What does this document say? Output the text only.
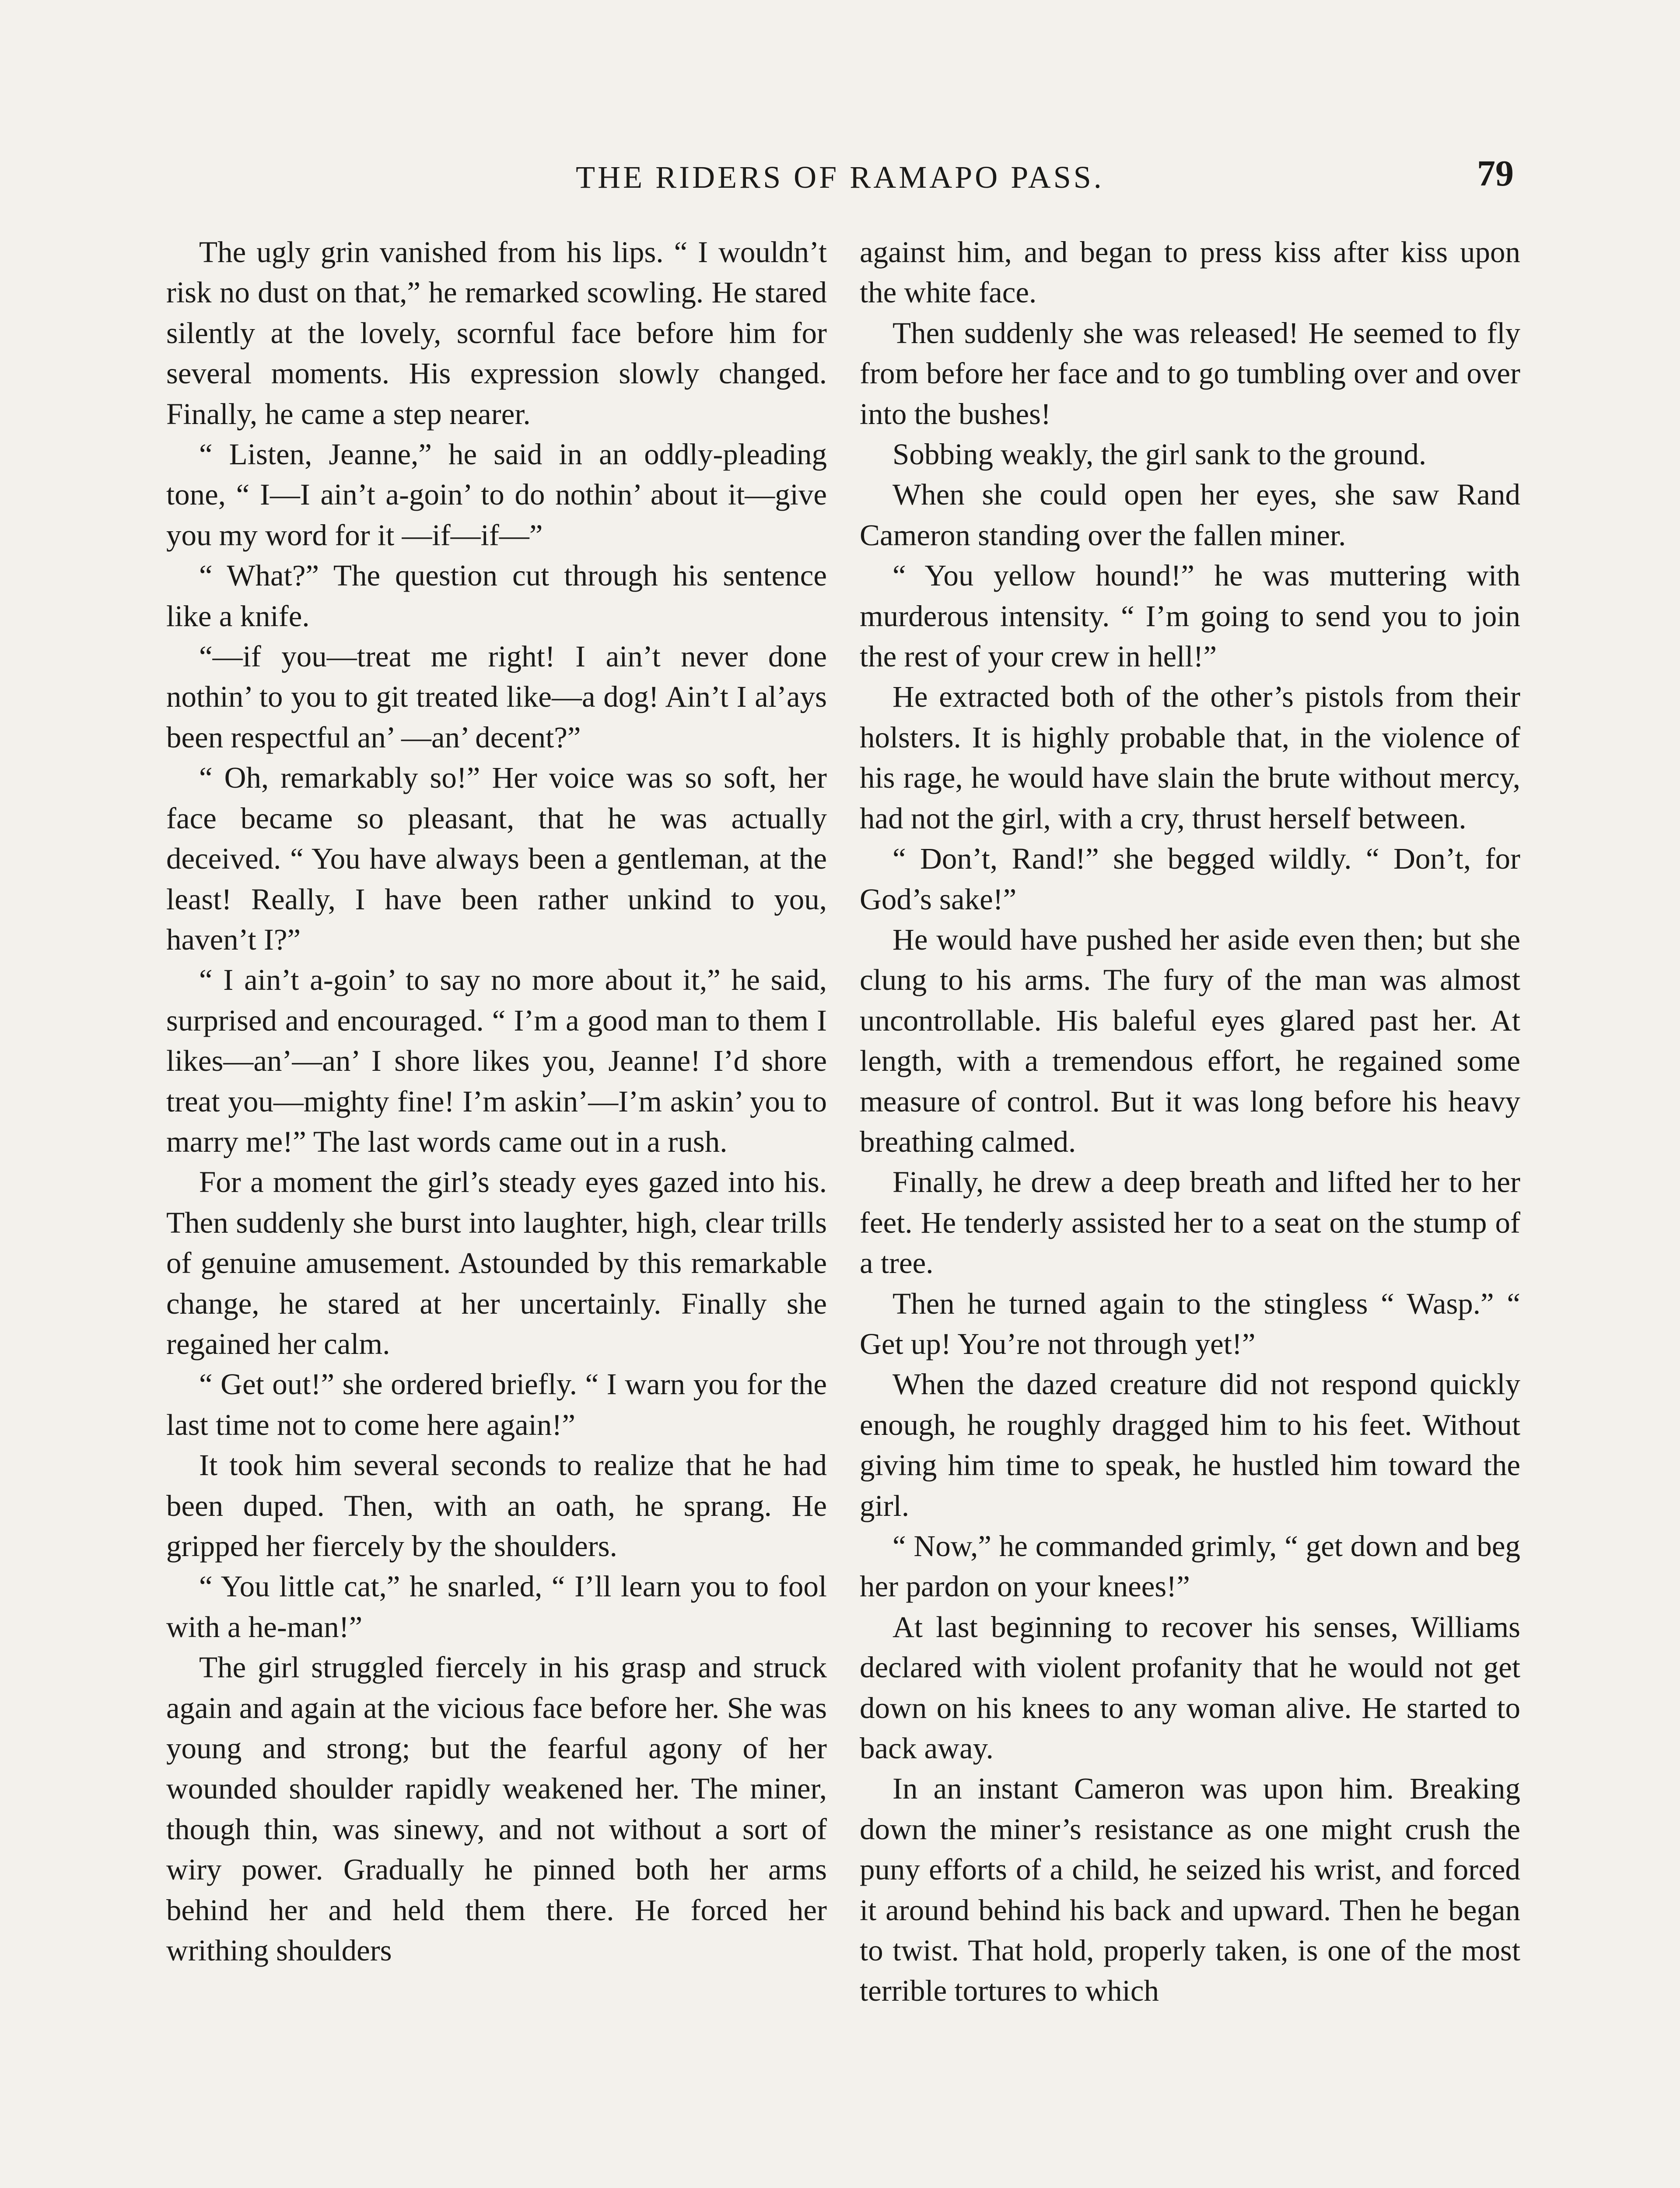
THE RIDERS OF RAMAPO PASS.	79

The ugly grin vanished from his lips. “ I wouldn’t risk no dust on that,” he remarked scowling. He stared silently at the lovely, scornful face before him for several moments. His expression slowly changed. Finally, he came a step nearer.

“ Listen, Jeanne,” he said in an oddly-pleading tone, “ I—I ain’t a-goin’ to do nothin’ about it—give you my word for it —if—if—”

“ What?” The question cut through his sentence like a knife.

“—if you—treat me right! I ain’t never done nothin’ to you to git treated like—a dog! Ain’t I al’ays been respectful an’ —an’ decent?”

“ Oh, remarkably so!” Her voice was so soft, her face became so pleasant, that he was actually deceived. “ You have always been a gentleman, at the least! Really, I have been rather unkind to you, haven’t I?”

“ I ain’t a-goin’ to say no more about it,” he said, surprised and encouraged. “ I’m a good man to them I likes—an’—an’ I shore likes you, Jeanne! I’d shore treat you—mighty fine! I’m askin’—I’m askin’ you to marry me!” The last words came out in a rush.

For a moment the girl’s steady eyes gazed into his. Then suddenly she burst into laughter, high, clear trills of genuine amusement. Astounded by this remarkable change, he stared at her uncertainly. Finally she regained her calm.

“ Get out!” she ordered briefly. “ I warn you for the last time not to come here again!”

It took him several seconds to realize that he had been duped. Then, with an oath, he sprang. He gripped her fiercely by the shoulders.

“ You little cat,” he snarled, “ I’ll learn you to fool with a he-man!”

The girl struggled fiercely in his grasp and struck again and again at the vicious face before her. She was young and strong; but the fearful agony of her wounded shoulder rapidly weakened her. The miner, though thin, was sinewy, and not without a sort of wiry power. Gradually he pinned both her arms behind her and held them there. He forced her writhing shoulders

against him, and began to press kiss after kiss upon the white face.

Then suddenly she was released! He seemed to fly from before her face and to go tumbling over and over into the bushes!

Sobbing weakly, the girl sank to the ground.

When she could open her eyes, she saw Rand Cameron standing over the fallen miner.

“ You yellow hound!” he was muttering with murderous intensity. “ I’m going to send you to join the rest of your crew in hell!”

He extracted both of the other’s pistols from their holsters. It is highly probable that, in the violence of his rage, he would have slain the brute without mercy, had not the girl, with a cry, thrust herself between.

“ Don’t, Rand!” she begged wildly. “ Don’t, for God’s sake!”

He would have pushed her aside even then; but she clung to his arms. The fury of the man was almost uncontrollable. His baleful eyes glared past her. At length, with a tremendous effort, he regained some measure of control. But it was long before his heavy breathing calmed.

Finally, he drew a deep breath and lifted her to her feet. He tenderly assisted her to a seat on the stump of a tree.

Then he turned again to the stingless “ Wasp.” “ Get up! You’re not through yet!”

When the dazed creature did not respond quickly enough, he roughly dragged him to his feet. Without giving him time to speak, he hustled him toward the girl.

“ Now,” he commanded grimly, “ get down and beg her pardon on your knees!”

At last beginning to recover his senses, Williams declared with violent profanity that he would not get down on his knees to any woman alive. He started to back away.

In an instant Cameron was upon him. Breaking down the miner’s resistance as one might crush the puny efforts of a child, he seized his wrist, and forced it around behind his back and upward. Then he began to twist. That hold, properly taken, is one of the most terrible tortures to which
